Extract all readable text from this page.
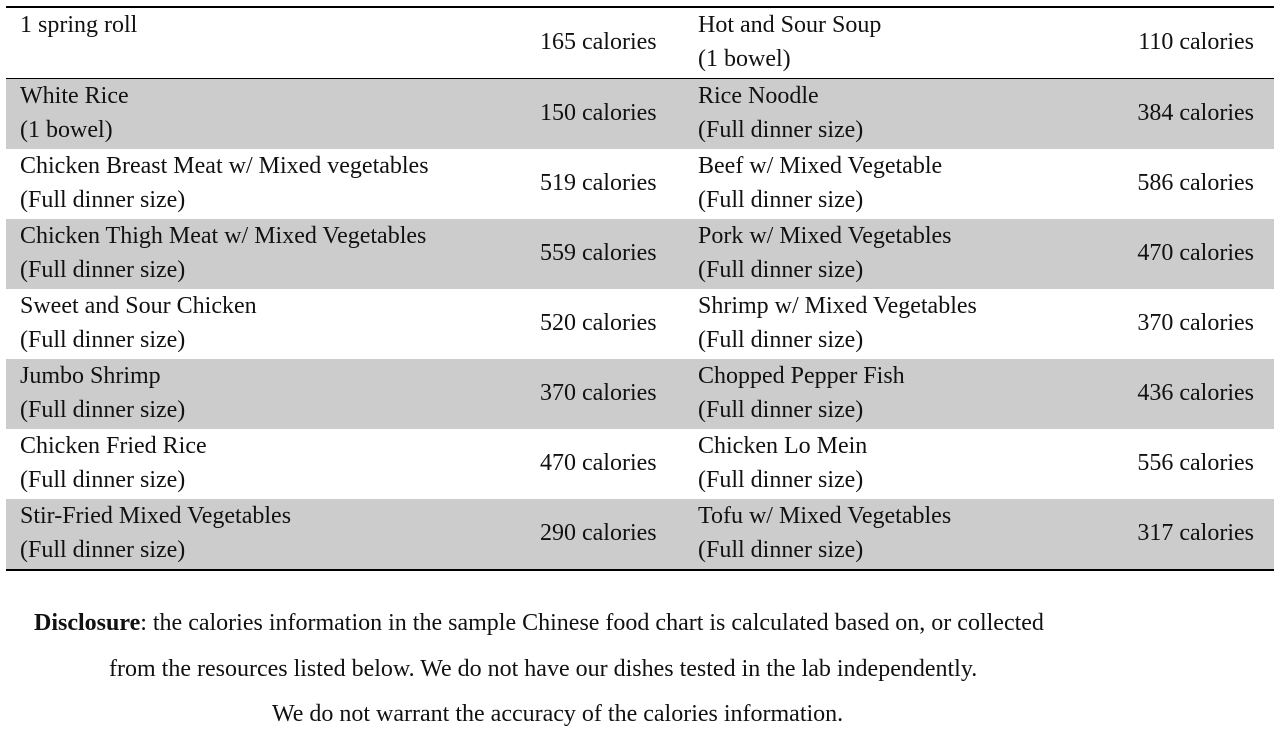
1 spring roll
165 calories
Hot and Sour Soup
(1 bowel)
110 calories
White Rice
(1 bowel)
150 calories
Rice Noodle
(Full dinner size)
384 calories
Chicken Breast Meat w/ Mixed vegetables
(Full dinner size)
519 calories
Beef w/ Mixed Vegetable
(Full dinner size)
586 calories
Chicken Thigh Meat w/ Mixed Vegetables
(Full dinner size)
559 calories
Pork w/ Mixed Vegetables
(Full dinner size)
470 calories
Sweet and Sour Chicken
(Full dinner size)
520 calories
Shrimp w/ Mixed Vegetables
(Full dinner size)
370 calories
Jumbo Shrimp
(Full dinner size)
370 calories
Chopped Pepper Fish
(Full dinner size)
436 calories
Chicken Fried Rice
(Full dinner size)
470 calories
Chicken Lo Mein
(Full dinner size)
556 calories
Stir-Fried Mixed Vegetables
(Full dinner size)
290 calories
Tofu w/ Mixed Vegetables
(Full dinner size)
317 calories
Disclosure: the calories information in the sample Chinese food chart is calculated based on, or collected
from the resources listed below. We do not have our dishes tested in the lab independently.
We do not warrant the accuracy of the calories information.
